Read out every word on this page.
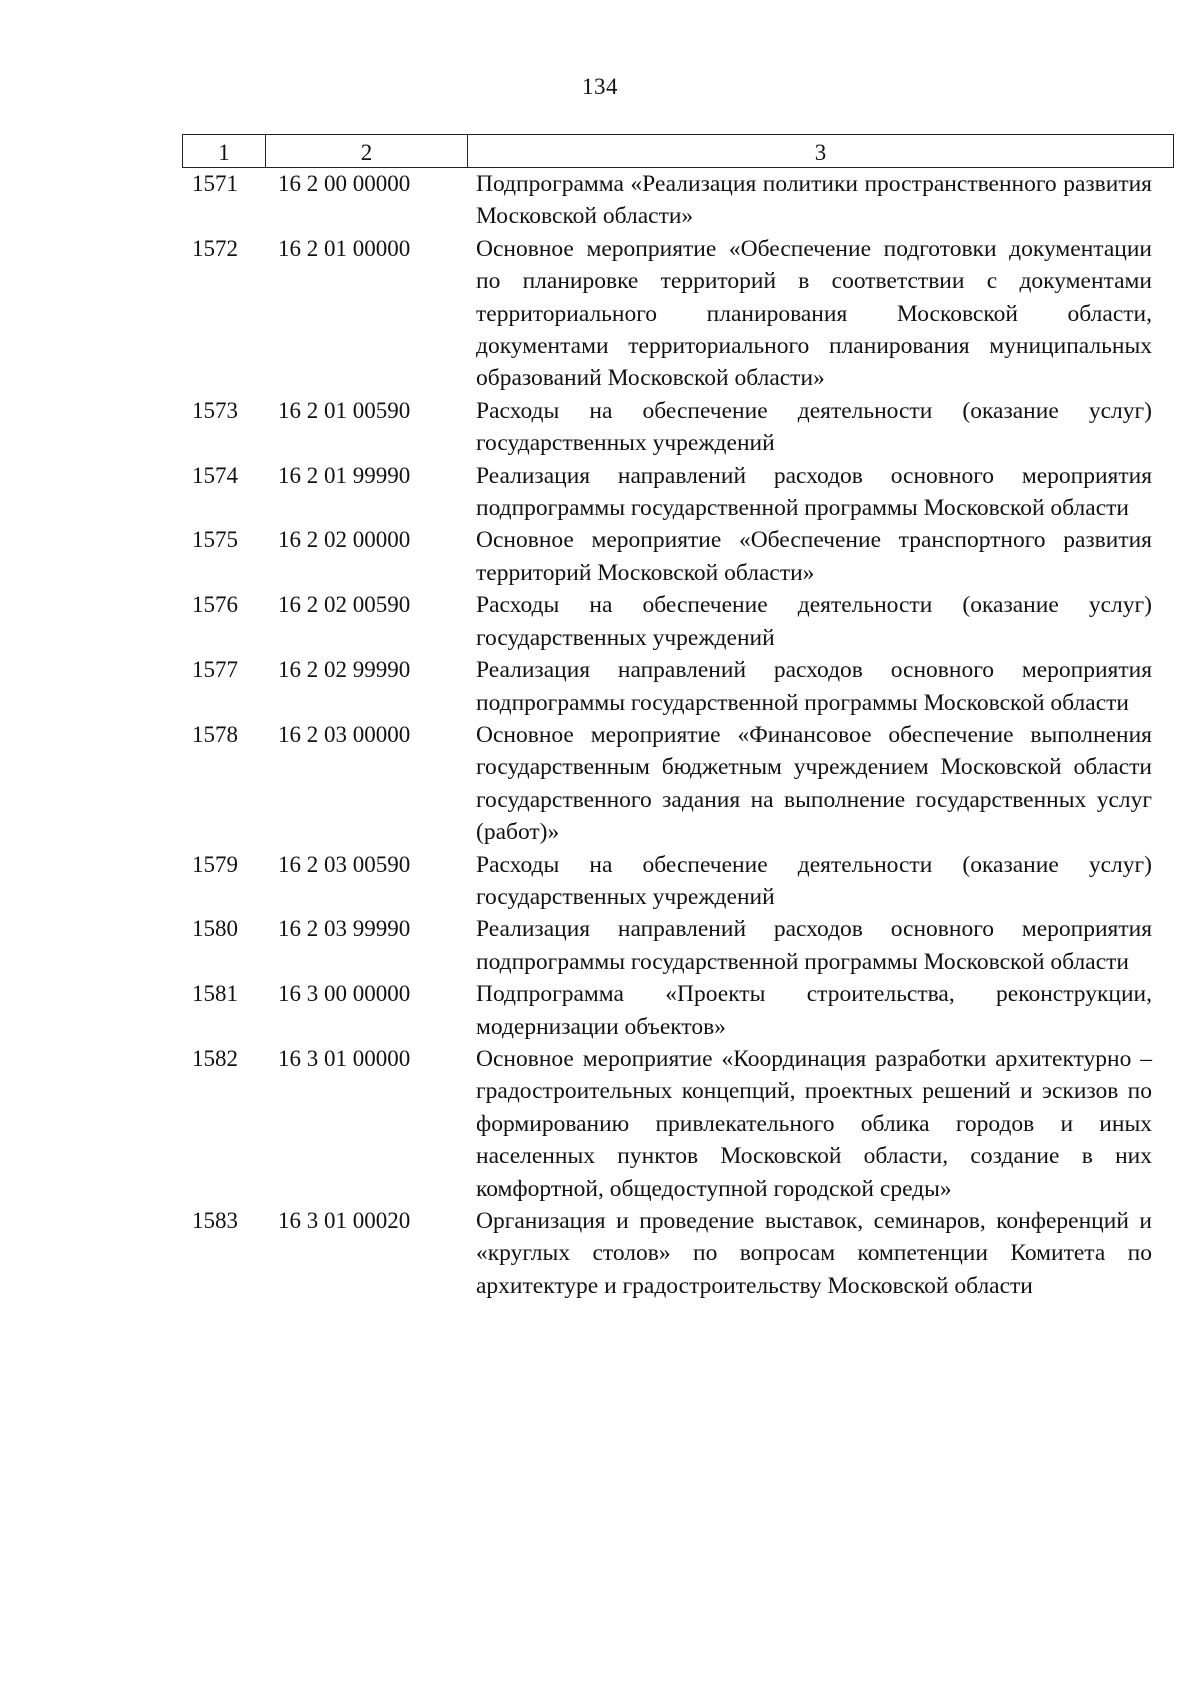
134
1	2	3
1571	16 2 00 00000	Подпрограмма «Реализация политики пространственного развития Московской области»
1572	16 2 01 00000	Основное мероприятие «Обеспечение подготовки документации по планировке территорий в соответствии с документами территориального планирования Московской области, документами территориального планирования муниципальных образований Московской области»
1573	16 2 01 00590	Расходы на обеспечение деятельности (оказание услуг) государственных учреждений
1574	16 2 01 99990	Реализация направлений расходов основного мероприятия подпрограммы государственной программы Московской области
1575	16 2 02 00000	Основное мероприятие «Обеспечение транспортного развития территорий Московской области»
1576	16 2 02 00590	Расходы на обеспечение деятельности (оказание услуг) государственных учреждений
1577	16 2 02 99990	Реализация направлений расходов основного мероприятия подпрограммы государственной программы Московской области
1578	16 2 03 00000	Основное мероприятие «Финансовое обеспечение выполнения государственным бюджетным учреждением Московской области государственного задания на выполнение государственных услуг (работ)»
1579	16 2 03 00590	Расходы на обеспечение деятельности (оказание услуг) государственных учреждений
1580	16 2 03 99990	Реализация направлений расходов основного мероприятия подпрограммы государственной программы Московской области
1581	16 3 00 00000	Подпрограмма «Проекты строительства, реконструкции, модернизации объектов»
1582	16 3 01 00000	Основное мероприятие «Координация разработки архитектурно – градостроительных концепций, проектных решений и эскизов по формированию привлекательного облика городов и иных населенных пунктов Московской области, создание в них комфортной, общедоступной городской среды»
1583	16 3 01 00020	Организация и проведение выставок, семинаров, конференций и «круглых столов» по вопросам компетенции Комитета по архитектуре и градостроительству Московской области
